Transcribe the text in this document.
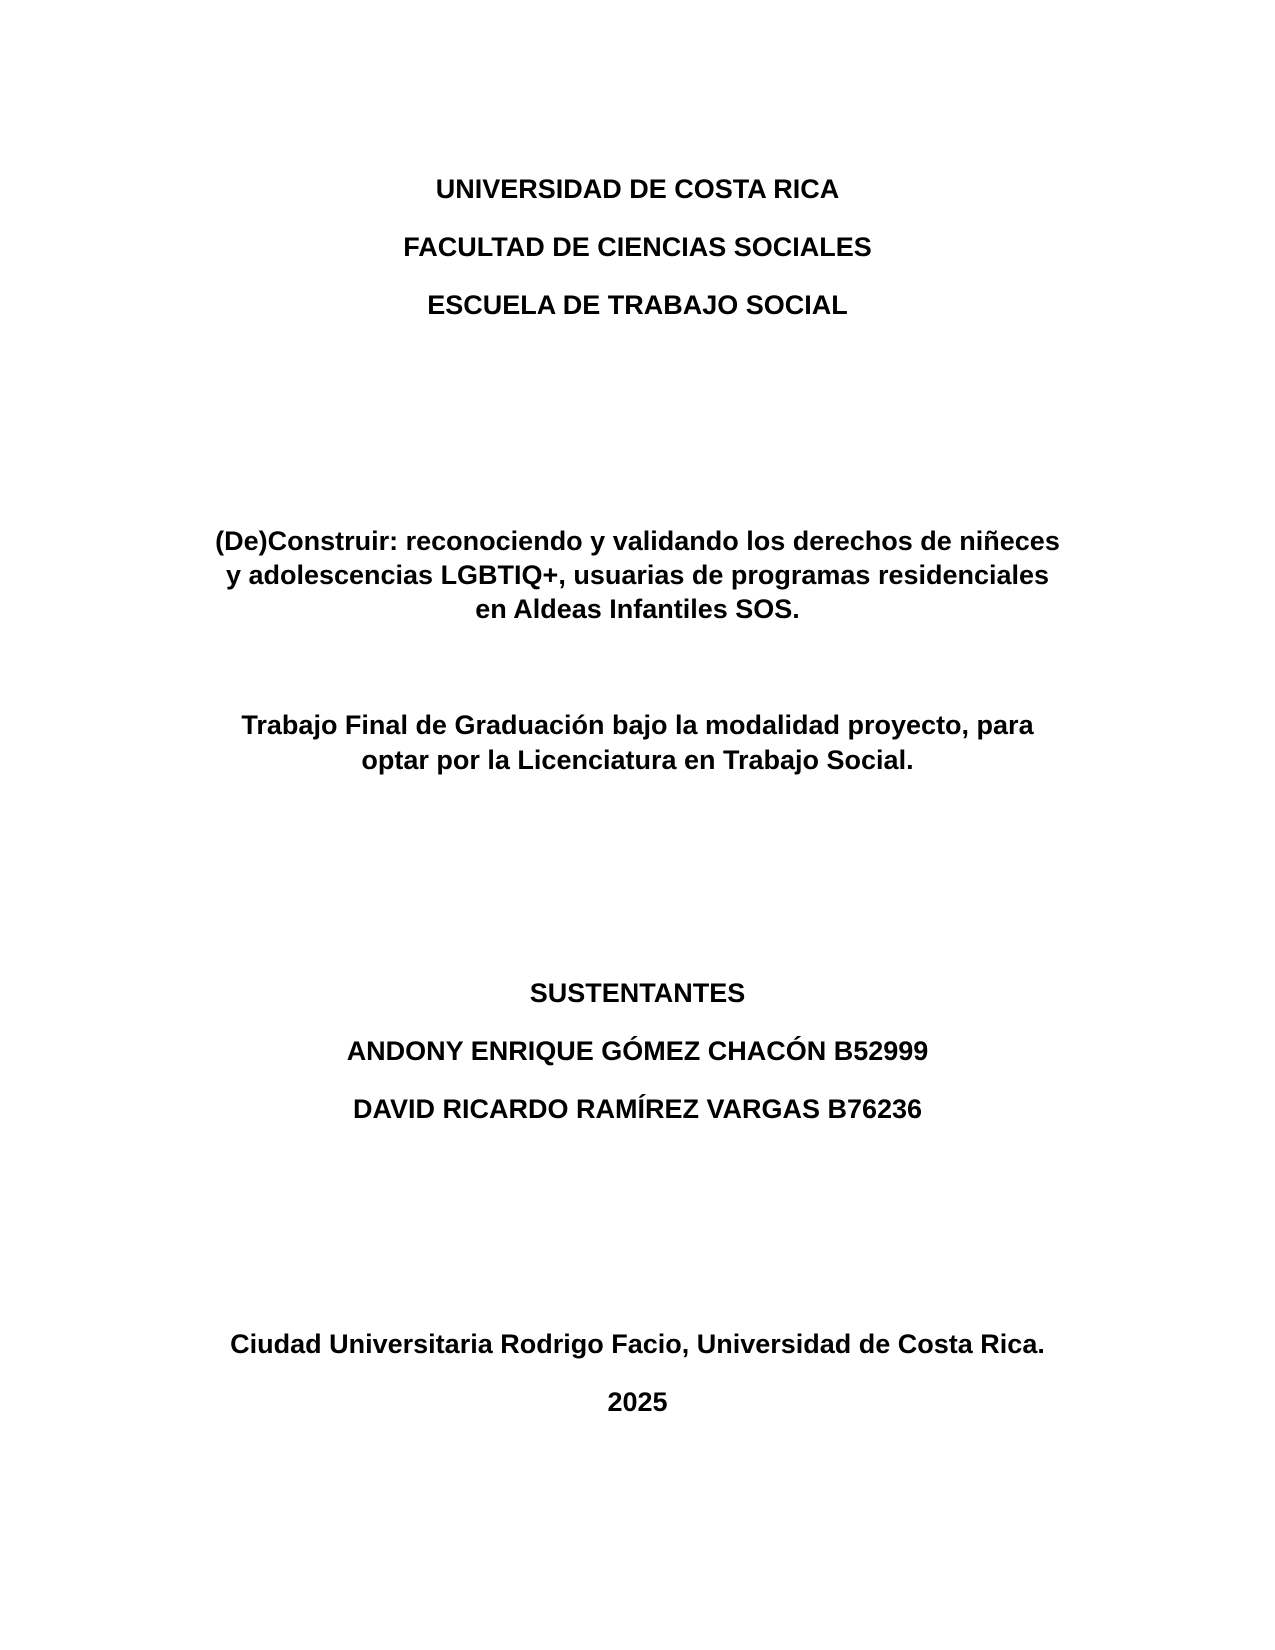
UNIVERSIDAD DE COSTA RICA
FACULTAD DE CIENCIAS SOCIALES
ESCUELA DE TRABAJO SOCIAL
(De)Construir: reconociendo y validando los derechos de niñeces
y adolescencias LGBTIQ+, usuarias de programas residenciales
en Aldeas Infantiles SOS.
Trabajo Final de Graduación bajo la modalidad proyecto, para
optar por la Licenciatura en Trabajo Social.
SUSTENTANTES
ANDONY ENRIQUE GÓMEZ CHACÓN B52999
DAVID RICARDO RAMÍREZ VARGAS B76236
Ciudad Universitaria Rodrigo Facio, Universidad de Costa Rica.
2025
